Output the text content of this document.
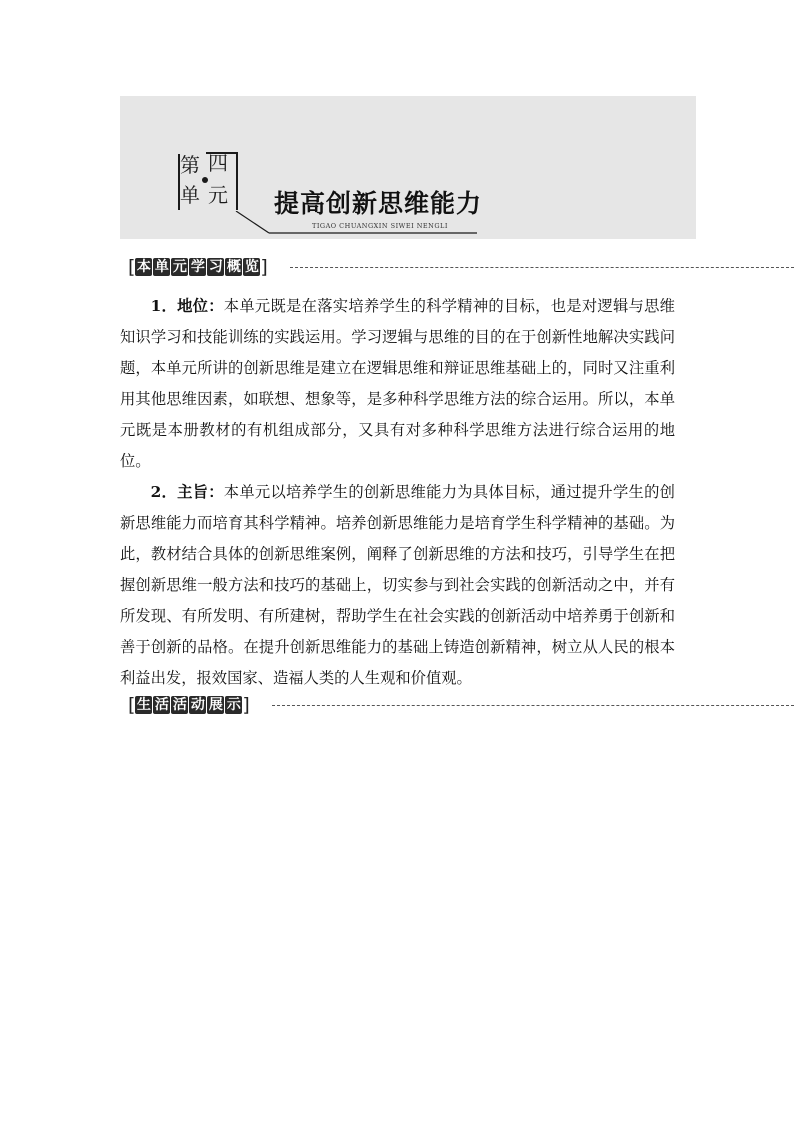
第 四
单 元 提高创新思维能力
TIGAO CHUANGXIN SIWEI NENGLI
[ 本 单 元 学 习 概 览 ]

1．地位：本单元既是在落实培养学生的科学精神的目标，也是对逻辑与思维知识学习和技能训练的实践运用。学习逻辑与思维的目的在于创新性地解决实践问题，本单元所讲的创新思维是建立在逻辑思维和辩证思维基础上的，同时又注重利用其他思维因素，如联想、想象等，是多种科学思维方法的综合运用。所以，本单元既是本册教材的有机组成部分，又具有对多种科学思维方法进行综合运用的地位。

2．主旨：本单元以培养学生的创新思维能力为具体目标，通过提升学生的创新思维能力而培育其科学精神。培养创新思维能力是培育学生科学精神的基础。为此，教材结合具体的创新思维案例，阐释了创新思维的方法和技巧，引导学生在把握创新思维一般方法和技巧的基础上，切实参与到社会实践的创新活动之中，并有所发现、有所发明、有所建树，帮助学生在社会实践的创新活动中培养勇于创新和善于创新的品格。在提升创新思维能力的基础上铸造创新精神，树立从人民的根本利益出发，报效国家、造福人类的人生观和价值观。

[ 生 活 活 动 展 示 ]
